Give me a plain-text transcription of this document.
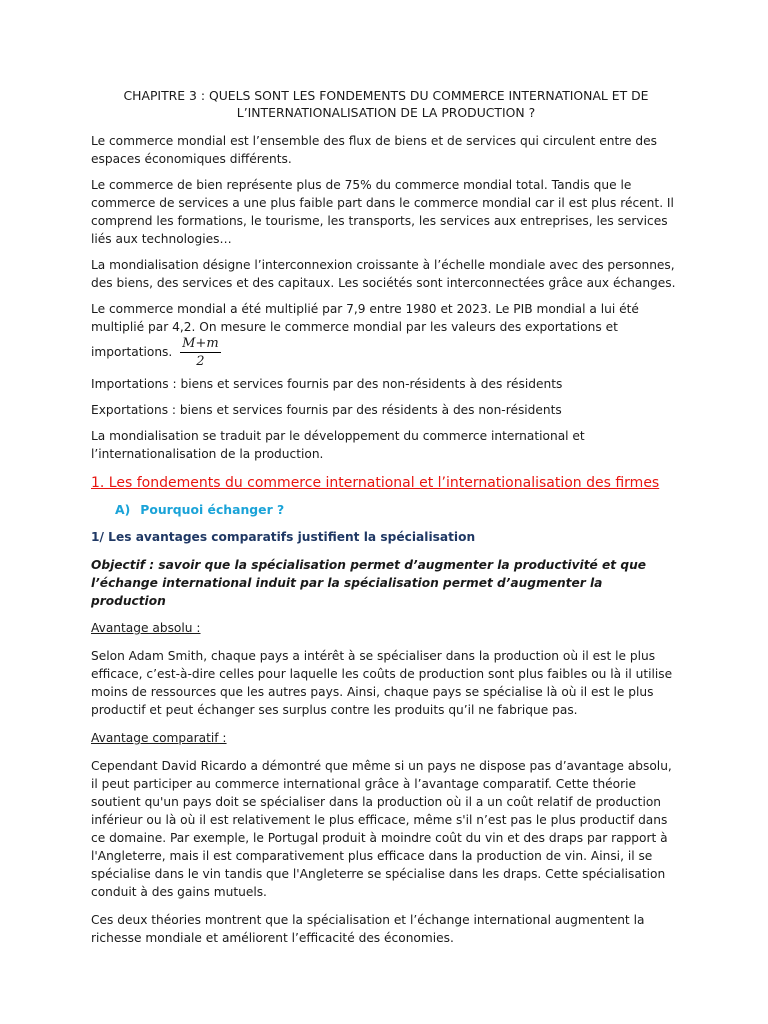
CHAPITRE 3 : QUELS SONT LES FONDEMENTS DU COMMERCE INTERNATIONAL ET DE L’INTERNATIONALISATION DE LA PRODUCTION ?

Le commerce mondial est l’ensemble des flux de biens et de services qui circulent entre des espaces économiques différents.

Le commerce de bien représente plus de 75% du commerce mondial total. Tandis que le commerce de services a une plus faible part dans le commerce mondial car il est plus récent. Il comprend les formations, le tourisme, les transports, les services aux entreprises, les services liés aux technologies…

La mondialisation désigne l’interconnexion croissante à l’échelle mondiale avec des personnes, des biens, des services et des capitaux. Les sociétés sont interconnectées grâce aux échanges.

Le commerce mondial a été multiplié par 7,9 entre 1980 et 2023. Le PIB mondial a lui été multiplié par 4,2. On mesure le commerce mondial par les valeurs des exportations et importations. $\frac{M+m}{2}$

Importations : biens et services fournis par des non-résidents à des résidents

Exportations : biens et services fournis par des résidents à des non-résidents

La mondialisation se traduit par le développement du commerce international et l’internationalisation de la production.

1. Les fondements du commerce international et l’internationalisation des firmes
A) Pourquoi échanger ?
1/ Les avantages comparatifs justifient la spécialisation

Objectif : savoir que la spécialisation permet d’augmenter la productivité et que l’échange international induit par la spécialisation permet d’augmenter la production

Avantage absolu :

Selon Adam Smith, chaque pays a intérêt à se spécialiser dans la production où il est le plus efficace, c’est-à-dire celles pour laquelle les coûts de production sont plus faibles ou là il utilise moins de ressources que les autres pays. Ainsi, chaque pays se spécialise là où il est le plus productif et peut échanger ses surplus contre les produits qu’il ne fabrique pas.

Avantage comparatif :

Cependant David Ricardo a démontré que même si un pays ne dispose pas d’avantage absolu, il peut participer au commerce international grâce à l’avantage comparatif. Cette théorie soutient qu'un pays doit se spécialiser dans la production où il a un coût relatif de production inférieur ou là où il est relativement le plus efficace, même s'il n’est pas le plus productif dans ce domaine. Par exemple, le Portugal produit à moindre coût du vin et des draps par rapport à l'Angleterre, mais il est comparativement plus efficace dans la production de vin. Ainsi, il se spécialise dans le vin tandis que l'Angleterre se spécialise dans les draps. Cette spécialisation conduit à des gains mutuels.

Ces deux théories montrent que la spécialisation et l’échange international augmentent la richesse mondiale et améliorent l’efficacité des économies.
